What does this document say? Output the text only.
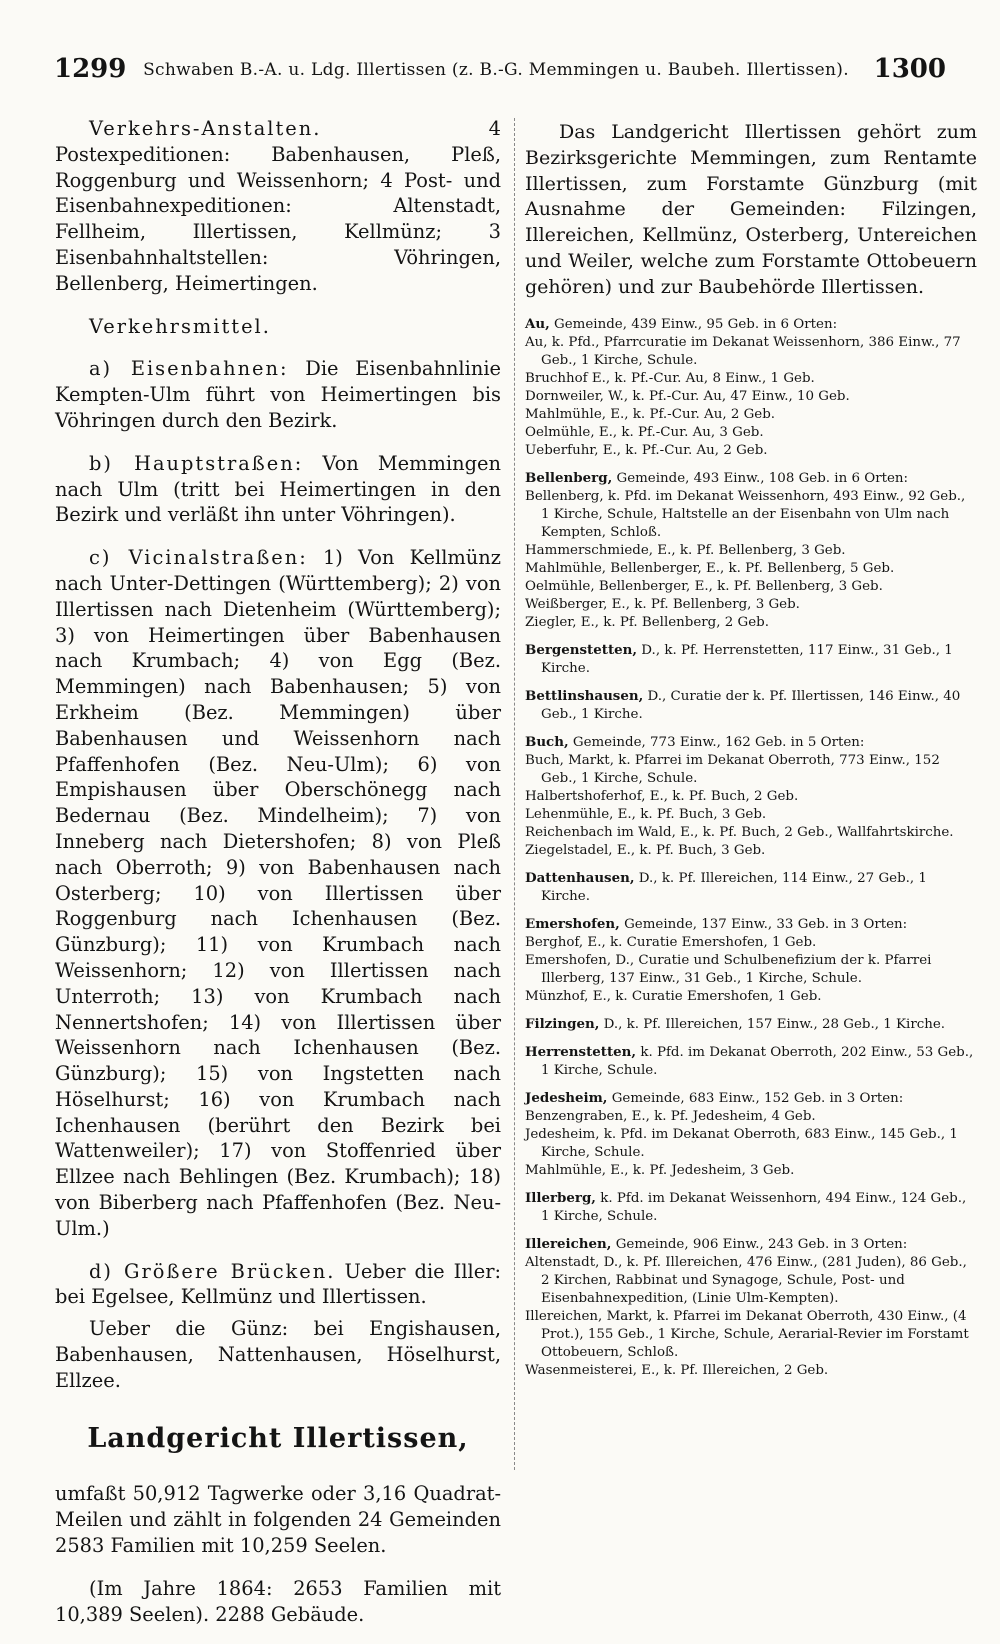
1299 Schwaben B.-A. u. Ldg. Illertissen (z. B.-G. Memmingen u. Baubeh. Illertissen). 1300

Verkehrs-Anstalten.	4 Postexpeditionen: Babenhausen, Pleß, Roggenburg und Weissenhorn; 4 Post- und Eisenbahnexpeditionen: Altenstadt, Fellheim, Illertissen, Kellmünz; 3 Eisenbahnhaltstellen: Vöhringen, Bellenberg, Heimertingen.

Verkehrsmittel.

a) Eisenbahnen: Die Eisenbahnlinie Kempten-Ulm führt von Heimertingen bis Vöhringen durch den Bezirk.

b) Hauptstraßen: Von Memmingen nach Ulm (tritt bei Heimertingen in den Bezirk und verläßt ihn unter Vöhringen).

c) Vicinalstraßen: 1) Von Kellmünz nach Unter-Dettingen (Württemberg); 2) von Illertissen nach Dietenheim (Württemberg); 3) von Heimertingen über Babenhausen nach Krumbach; 4) von Egg (Bez. Memmingen) nach Babenhausen; 5) von Erkheim (Bez. Memmingen) über Babenhausen und Weissenhorn nach Pfaffenhofen (Bez. Neu-Ulm); 6) von Empishausen über Oberschönegg nach Bedernau (Bez. Mindelheim); 7) von Inneberg nach Dietershofen; 8) von Pleß nach Oberroth; 9) von Babenhausen nach Osterberg; 10) von Illertissen über Roggenburg nach Ichenhausen (Bez. Günzburg); 11) von Krumbach nach Weissenhorn; 12) von Illertissen nach Unterroth; 13) von Krumbach nach Nennertshofen; 14) von Illertissen über Weissenhorn nach Ichenhausen (Bez. Günzburg); 15) von Ingstetten nach Höselhurst; 16) von Krumbach nach Ichenhausen (berührt den Bezirk bei Wattenweiler); 17) von Stoffenried über Ellzee nach Behlingen (Bez. Krumbach); 18) von Biberberg nach Pfaffenhofen (Bez. Neu-Ulm.)

d) Größere Brücken. Ueber die Iller: bei Egelsee, Kellmünz und Illertissen.

Ueber die Günz: bei Engishausen, Babenhausen, Nattenhausen, Höselhurst, Ellzee.

Landgericht Illertissen,

umfaßt 50,912 Tagwerke oder 3,16 Quadrat-Meilen und zählt in folgenden 24 Gemeinden 2583 Familien mit 10,259 Seelen.

(Im Jahre 1864: 2653 Familien mit 10,389 Seelen). 2288 Gebäude.

Das Landgericht Illertissen gehört zum Bezirksgerichte Memmingen, zum Rentamte Illertissen, zum Forstamte Günzburg (mit Ausnahme der Gemeinden: Filzingen, Illereichen, Kellmünz, Osterberg, Untereichen und Weiler, welche zum Forstamte Ottobeuern gehören) und zur Baubehörde Illertissen.

Au, Gemeinde, 439 Einw., 95 Geb. in 6 Orten:

Au, k. Pfd., Pfarrcuratie im Dekanat Weissenhorn, 386 Einw., 77 Geb., 1 Kirche, Schule.

Bruchhof E., k. Pf.-Cur. Au, 8 Einw., 1 Geb.

Dornweiler, W., k. Pf.-Cur. Au, 47 Einw., 10 Geb.

Mahlmühle, E., k. Pf.-Cur. Au, 2 Geb.

Oelmühle, E., k. Pf.-Cur. Au, 3 Geb.

Ueberfuhr, E., k. Pf.-Cur. Au, 2 Geb.

Bellenberg, Gemeinde, 493 Einw., 108 Geb. in 6 Orten:

Bellenberg, k. Pfd. im Dekanat Weissenhorn, 493 Einw., 92 Geb., 1 Kirche, Schule, Haltstelle an der Eisenbahn von Ulm nach Kempten, Schloß.

Hammerschmiede, E., k. Pf. Bellenberg, 3 Geb.

Mahlmühle, Bellenberger, E., k. Pf. Bellenberg, 5 Geb.

Oelmühle, Bellenberger, E., k. Pf. Bellenberg, 3 Geb.

Weißberger, E., k. Pf. Bellenberg, 3 Geb.

Ziegler, E., k. Pf. Bellenberg, 2 Geb.

Bergenstetten, D., k. Pf. Herrenstetten, 117 Einw., 31 Geb., 1 Kirche.

Bettlinshausen, D., Curatie der k. Pf. Illertissen, 146 Einw., 40 Geb., 1 Kirche.

Buch, Gemeinde, 773 Einw., 162 Geb. in 5 Orten:

Buch, Markt, k. Pfarrei im Dekanat Oberroth, 773 Einw., 152 Geb., 1 Kirche, Schule.

Halbertshoferhof, E., k. Pf. Buch, 2 Geb.

Lehenmühle, E., k. Pf. Buch, 3 Geb.

Reichenbach im Wald, E., k. Pf. Buch, 2 Geb., Wallfahrtskirche.

Ziegelstadel, E., k. Pf. Buch, 3 Geb.

Dattenhausen, D., k. Pf. Illereichen, 114 Einw., 27 Geb., 1 Kirche.

Emershofen, Gemeinde, 137 Einw., 33 Geb. in 3 Orten:

Berghof, E., k. Curatie Emershofen, 1 Geb.

Emershofen, D., Curatie und Schulbenefizium der k. Pfarrei Illerberg, 137 Einw., 31 Geb., 1 Kirche, Schule.

Münzhof, E., k. Curatie Emershofen, 1 Geb.

Filzingen, D., k. Pf. Illereichen, 157 Einw., 28 Geb., 1 Kirche.

Herrenstetten, k. Pfd. im Dekanat Oberroth, 202 Einw., 53 Geb., 1 Kirche, Schule.

Jedesheim, Gemeinde, 683 Einw., 152 Geb. in 3 Orten:

Benzengraben, E., k. Pf. Jedesheim, 4 Geb.

Jedesheim, k. Pfd. im Dekanat Oberroth, 683 Einw., 145 Geb., 1 Kirche, Schule.

Mahlmühle, E., k. Pf. Jedesheim, 3 Geb.

Illerberg, k. Pfd. im Dekanat Weissenhorn, 494 Einw., 124 Geb., 1 Kirche, Schule.

Illereichen, Gemeinde, 906 Einw., 243 Geb. in 3 Orten:

Altenstadt, D., k. Pf. Illereichen, 476 Einw., (281 Juden), 86 Geb., 2 Kirchen, Rabbinat und Synagoge, Schule, Post- und Eisenbahnexpedition, (Linie Ulm-Kempten).

Illereichen, Markt, k. Pfarrei im Dekanat Oberroth, 430 Einw., (4 Prot.), 155 Geb., 1 Kirche, Schule, Aerarial-Revier im Forstamt Ottobeuern, Schloß.

Wasenmeisterei, E., k. Pf. Illereichen, 2 Geb.
